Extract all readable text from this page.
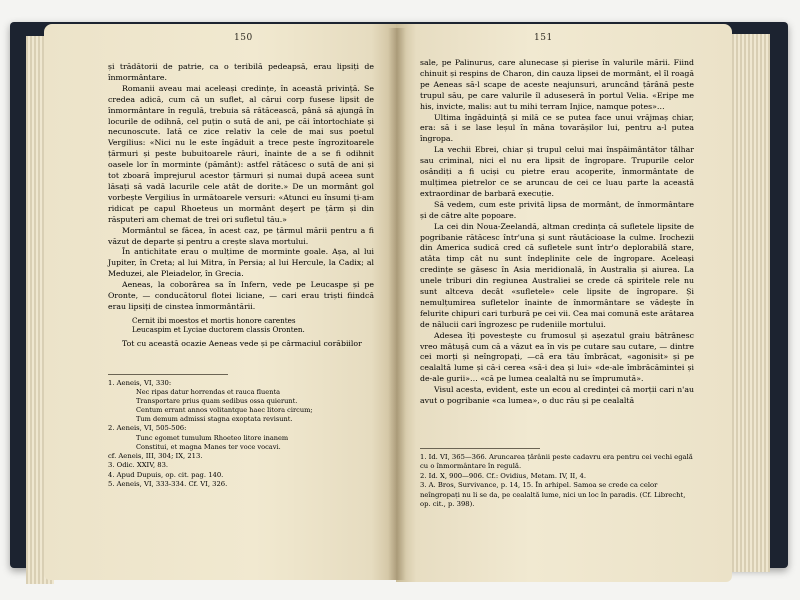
150	151

și trădătorii de patrie, ca o teribilă pedeapsă, erau lipsiți de înmormântare.

Romanii aveau mai aceleași credințe, în această privință. Se credea adică, cum că un suflet, al cărui corp fusese lipsit de înmormântare în regulă, trebuia să rătăcească, până să ajungă în locurile de odihnă, cel puțin o sută de ani, pe căi întortochiate și necunoscute. Iată ce zice relativ la cele de mai sus poetul Vergilius: «Nici nu le este îngăduit a trece peste îngrozitoarele țărmuri și peste bubuitoarele râuri, înainte de a se fi odihnit oasele lor în morminte (pământ): astfel rătăcesc o sută de ani și tot zboară împrejurul acestor țărmuri și numai după aceea sunt lăsați să vadă lacurile cele atât de dorite.» De un mormânt gol vorbește Vergilius în următoarele versuri: «Atunci eu însumi ți-am ridicat pe capul Rhoeteus un mormânt deşert pe țărm și din răsputeri am chemat de trei ori sufletul tău.»

Mormântul se făcea, în acest caz, pe țărmul mării pentru a fi văzut de departe și pentru a crește slava mortului.

În antichitate erau o mulțime de morminte goale. Așa, al lui Jupiter, în Creta; al lui Mitra, în Persia; al lui Hercule, la Cadix; al Meduzei, ale Pleiadelor, în Grecia.

Aeneas, la coborârea sa în Infern, vede pe Leucaspe și pe Oronte, — conducătorul flotei liciane, — cari erau triști fiindcă erau lipsiți de cinstea înmormântării.

Cernit ibi moestos et mortis honore carentes
Leucaspim et Lyciae ductorem classis Oronten.

Tot cu această ocazie Aeneas vede și pe cârmaciul corăbiilor

1. Aeneis, VI, 330:

Nec ripas datur horrendas et rauca fluenta
Transportare prius quam sedibus ossa quierunt.
Centum errant annos volitantque haec litora circum;
Tum demum admissi stagna exoptata revisunt.

2. Aeneis, VI, 505-506:

Tunc egomet tumulum Rhoeteo litore inanem
Constitui, et magna Manes ter voce vocavi.

cf. Aeneis, III, 304; IX, 213.

3. Odic. XXIV, 83.

4. Apud Dupuis, op. cit. pag. 140.

5. Aeneis, VI, 333-334. Cf. VI, 326.

sale, pe Palinurus, care alunecase și pierise în valurile mării. Fiind chinuit și respins de Charon, din cauza lipsei de mormânt, el îl roagă pe Aeneas să-l scape de aceste neajunsuri, aruncând țărână peste trupul său, pe care valurile îl aduseseră în portul Velia. «Eripe me his, invicte, malis: aut tu mihi terram Injice, namque potes»…

Ultima îngăduință și milă ce se putea face unui vrăjmaș chiar, era: să i se lase leșul în mâna tovarășilor lui, pentru a-l putea îngropa.

La vechii Ebrei, chiar și trupul celui mai înspăimântător tâlhar sau criminal, nici el nu era lipsit de îngropare. Trupurile celor osândiți a fi uciși cu pietre erau acoperite, înmormântate de mulțimea pietrelor ce se aruncau de cei ce luau parte la această extraordinar de barbară execuție.

Să vedem, cum este privită lipsa de mormânt, de înmormântare și de către alte popoare.

La cei din Noua-Zeelandă, altman credința că sufletele lipsite de pogribanie rătăcesc într'una și sunt răutăcioase la culme. Irochezii din America sudică cred că sufletele sunt într'o deplorabilă stare, atâta timp cât nu sunt îndeplinite cele de îngropare. Aceleași credințe se găsesc în Asia meridională, în Australia și aiurea. La unele triburi din regiunea Australiei se crede că spiritele rele nu sunt altceva decât «sufletele» cele lipsite de îngropare. Și nemulțumirea sufletelor înainte de înmormântare se vădește în felurite chipuri cari turbură pe cei vii. Cea mai comună este arătarea de nălucii cari îngrozesc pe rudeniile mortului.

Adesea îți povestește cu frumosul și așezatul graiu bătrânesc vreo mătușă cum că a văzut ea în vis pe cutare sau cutare, — dintre cei morți și neîngropați, —că era tău îmbrăcat, «agonisit» și pe cealaltă lume și că-i cerea «să-i dea și lui» «de-ale îmbrăcămintei și de-ale gurii»… «că pe lumea cealaltă nu se împrumută».

Visul acesta, evident, este un ecou al credinței că morții cari n'au avut o pogribanie «ca lumea», o duc rău și pe cealaltă

1. Id. VI, 365—366. Aruncarea țărânii peste cadavru era pentru cei vechi egală cu o înmormântare în regulă.

2. Id. X, 900—906. Cf.: Ovidius, Metam. IV, II, 4.

3. A. Bros, Survivance, p. 14, 15. În arhipel. Samoa se crede ca celor neîngropați nu li se da, pe cealaltă lume, nici un loc în paradis. (Cf. Librecht, op. cit., p. 398).
